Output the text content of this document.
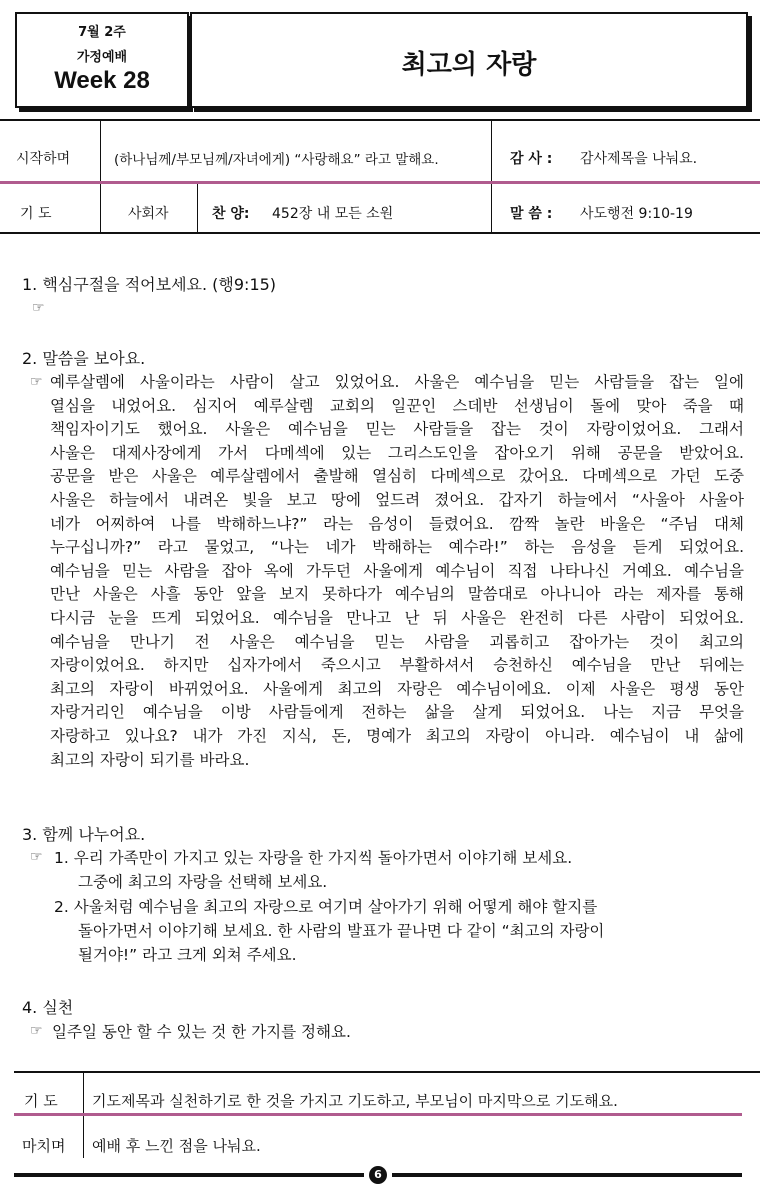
7월 2주
가정예배
Week 28
최고의 자랑
시작하며	(하나님께/부모님께/자녀에게) “사랑해요” 라고 말해요.	감 사 : 감사제목을 나눠요.
기 도	사회자	찬 양: 452장 내 모든 소원	말 씀 : 사도행전 9:10-19
1. 핵심구절을 적어보세요. (행9:15)
☞
2. 말씀을 보아요.
☞ 예루살렘에 사울이라는 사람이 살고 있었어요. 사울은 예수님을 믿는 사람들을 잡는 일에
열심을 내었어요. 심지어 예루살렘 교회의 일꾼인 스데반 선생님이 돌에 맞아 죽을 때
책임자이기도 했어요. 사울은 예수님을 믿는 사람들을 잡는 것이 자랑이었어요. 그래서
사울은 대제사장에게 가서 다메섹에 있는 그리스도인을 잡아오기 위해 공문을 받았어요.
공문을 받은 사울은 예루살렘에서 출발해 열심히 다메섹으로 갔어요. 다메섹으로 가던 도중
사울은 하늘에서 내려온 빛을 보고 땅에 엎드려 졌어요. 갑자기 하늘에서 “사울아 사울아
네가 어찌하여 나를 박해하느냐?” 라는 음성이 들렸어요. 깜짝 놀란 바울은 “주님 대체
누구십니까?” 라고 물었고, “나는 네가 박해하는 예수라!” 하는 음성을 듣게 되었어요.
예수님을 믿는 사람을 잡아 옥에 가두던 사울에게 예수님이 직접 나타나신 거예요. 예수님을
만난 사울은 사흘 동안 앞을 보지 못하다가 예수님의 말씀대로 아나니아 라는 제자를 통해
다시금 눈을 뜨게 되었어요. 예수님을 만나고 난 뒤 사울은 완전히 다른 사람이 되었어요.
예수님을 만나기 전 사울은 예수님을 믿는 사람을 괴롭히고 잡아가는 것이 최고의
자랑이었어요. 하지만 십자가에서 죽으시고 부활하셔서 승천하신 예수님을 만난 뒤에는
최고의 자랑이 바뀌었어요. 사울에게 최고의 자랑은 예수님이에요. 이제 사울은 평생 동안
자랑거리인 예수님을 이방 사람들에게 전하는 삶을 살게 되었어요. 나는 지금 무엇을
자랑하고 있나요? 내가 가진 지식, 돈, 명예가 최고의 자랑이 아니라. 예수님이 내 삶에
최고의 자랑이 되기를 바라요.
3. 함께 나누어요.
☞ 1. 우리 가족만이 가지고 있는 자랑을 한 가지씩 돌아가면서 이야기해 보세요.
그중에 최고의 자랑을 선택해 보세요.
2. 사울처럼 예수님을 최고의 자랑으로 여기며 살아가기 위해 어떻게 해야 할지를
돌아가면서 이야기해 보세요. 한 사람의 발표가 끝나면 다 같이 “최고의 자랑이
될거야!” 라고 크게 외쳐 주세요.
4. 실천
☞ 일주일 동안 할 수 있는 것 한 가지를 정해요.
기 도 기도제목과 실천하기로 한 것을 가지고 기도하고, 부모님이 마지막으로 기도해요.
마치며 예배 후 느낀 점을 나눠요.
6
